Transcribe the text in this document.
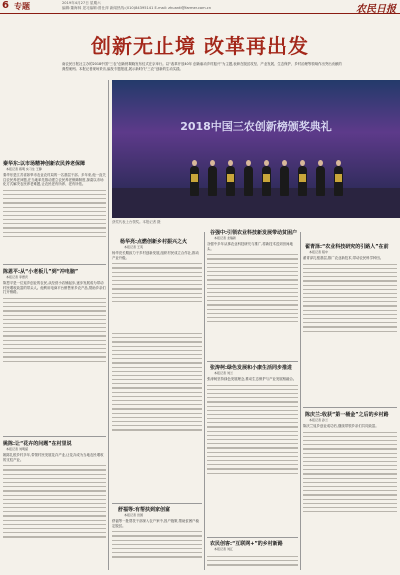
6 专题	2019年4月27日 星期六
编辑:董海林 见习编辑:曾仕萍 新闻热线:(010)84395141 E-mail: zhuanti@farmer.com.cn	农民日报
创新无止境 改革再出发
南农民日报社主办的2018中国“三农”创新榜揭晓发布仪式在京举行。以“改革开放40年 创新驱动乡村振兴”为主题,表彰在脱贫攻坚、产业发展、生态保护、乡村治理等领域作出突出贡献的典型案例。本报记者现场采访,编发专题报道,展示新时代“三农”创新的生动实践。
2018中国三农创新榜颁奖典礼
获奖代表上台领奖。本报记者 摄
秦华东:以市场精神创新农民养老保障
本报记者 蒋明 实习生 王静
秦华东是江苏省如皋市农业农村局的一名基层干部。多年来,他一直关注农民养老问题,在当地率先推动建立农民养老保障制度,探索以市场化方式解决农民养老难题,让农民老有所养、老有所依。
陈恩平:从“小老板儿”到“冲电脑”
本报记者 李德宾
陈恩平是一位返乡创业的农民,从经营小店铺起步,逐步发展成为带动村民增收致富的带头人。他利用电商平台销售家乡农产品,帮助乡亲们打开销路。
姚陈:让“花卉的问题”在村里说
本报记者 刘明富
姚陈扎根乡村多年,带领村民发展花卉产业,让花卉成为当地农民增收的支柱产业。
杨华亮:点燃创新乡村振兴之火
本报记者 王英
杨华亮长期致力于乡村创新发展,组织村民成立合作社,推动产业升级。
舒福等:有帮扶到家创富
本报记者 田国
舒福等一批帮扶干部深入农户家中,因户施策,帮助贫困户稳定脱贫。
谷强中:引领农业科技新发展带动贫困户
本报记者 龙瑞新
谷强中多年从事农业科技研究与推广,将新技术送到田间地头。
张涛柯:绿色发展和小康生活同步推进
本报记者 刘兰
张涛柯坚持绿色发展理念,推动生态保护与产业发展相融合。
农民创客:“互联网+”的乡村新路
本报记者 刘江
翟青泽:“农业科技研究的引路人”在前
本报记者 程中
翟青泽扎根基层,推广农业新技术,带动农民科学种田。
陈庆兰:收获“第一桶金”之后的乡村路
本报记者 孙兰
陈庆兰返乡创业成功后,继续带领乡亲们共同致富。
